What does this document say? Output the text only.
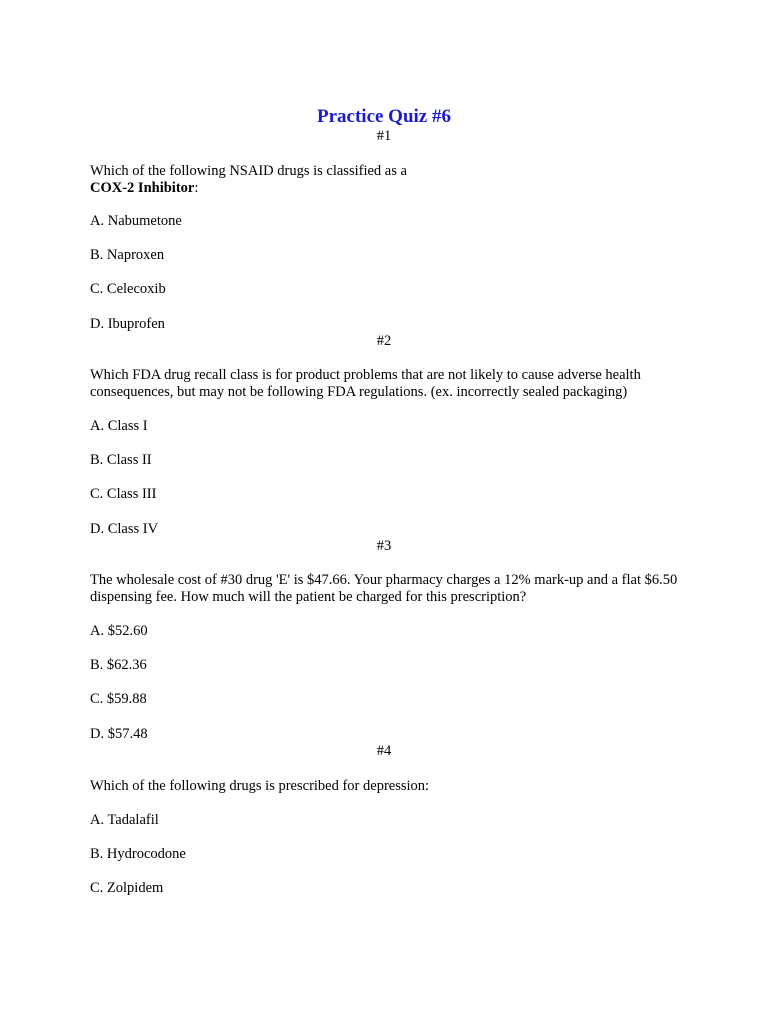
Practice Quiz #6
#1

Which of the following NSAID drugs is classified as a

COX-2 Inhibitor:

A. Nabumetone

B. Naproxen

C. Celecoxib

D. Ibuprofen

#2

Which FDA drug recall class is for product problems that are not likely to cause adverse health

consequences, but may not be following FDA regulations. (ex. incorrectly sealed packaging)

A. Class I

B. Class II

C. Class III

D. Class IV

#3

The wholesale cost of #30 drug 'E' is $47.66. Your pharmacy charges a 12% mark-up and a flat $6.50

dispensing fee. How much will the patient be charged for this prescription?

A. $52.60

B. $62.36

C. $59.88

D. $57.48

#4

Which of the following drugs is prescribed for depression:

A. Tadalafil

B. Hydrocodone

C. Zolpidem
